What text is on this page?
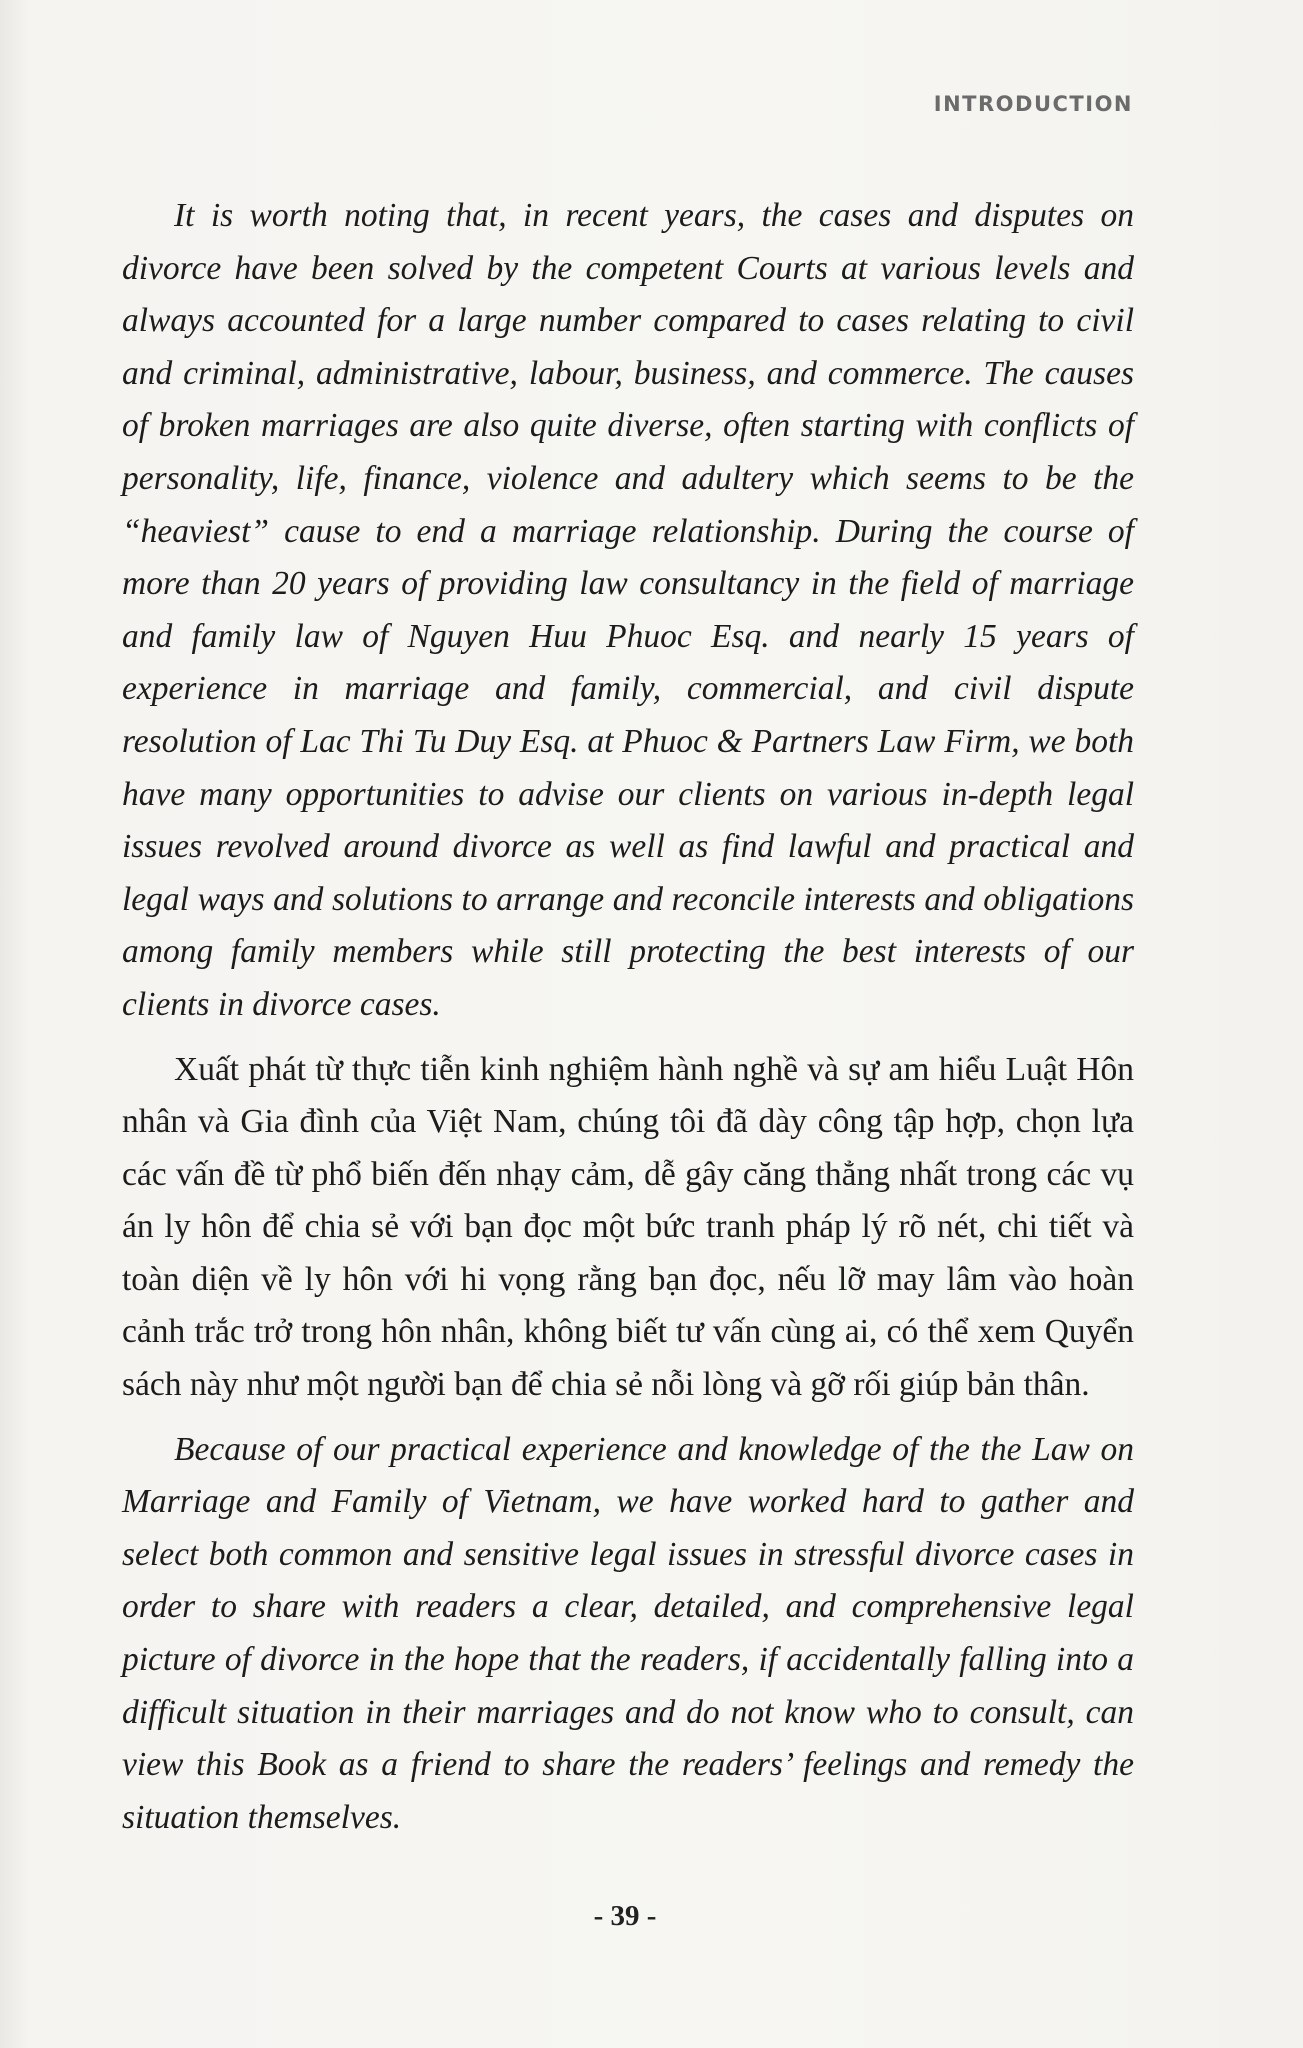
INTRODUCTION

It is worth noting that, in recent years, the cases and disputes on divorce have been solved by the competent Courts at various levels and always accounted for a large number compared to cases relating to civil and criminal, administrative, labour, business, and commerce. The causes of broken marriages are also quite diverse, often starting with conflicts of personality, life, finance, violence and adultery which seems to be the “heaviest” cause to end a marriage relationship. During the course of more than 20 years of providing law consultancy in the field of marriage and family law of Nguyen Huu Phuoc Esq. and nearly 15 years of experience in marriage and family, commercial, and civil dispute resolution of Lac Thi Tu Duy Esq. at Phuoc & Partners Law Firm, we both have many opportunities to advise our clients on various in-depth legal issues revolved around divorce as well as find lawful and practical and legal ways and solutions to arrange and reconcile interests and obligations among family members while still protecting the best interests of our clients in divorce cases.

Xuất phát từ thực tiễn kinh nghiệm hành nghề và sự am hiểu Luật Hôn nhân và Gia đình của Việt Nam, chúng tôi đã dày công tập hợp, chọn lựa các vấn đề từ phổ biến đến nhạy cảm, dễ gây căng thẳng nhất trong các vụ án ly hôn để chia sẻ với bạn đọc một bức tranh pháp lý rõ nét, chi tiết và toàn diện về ly hôn với hi vọng rằng bạn đọc, nếu lỡ may lâm vào hoàn cảnh trắc trở trong hôn nhân, không biết tư vấn cùng ai, có thể xem Quyển sách này như một người bạn để chia sẻ nỗi lòng và gỡ rối giúp bản thân.

Because of our practical experience and knowledge of the the Law on Marriage and Family of Vietnam, we have worked hard to gather and select both common and sensitive legal issues in stressful divorce cases in order to share with readers a clear, detailed, and comprehensive legal picture of divorce in the hope that the readers, if accidentally falling into a difficult situation in their marriages and do not know who to consult, can view this Book as a friend to share the readers’ feelings and remedy the situation themselves.

- 39 -
